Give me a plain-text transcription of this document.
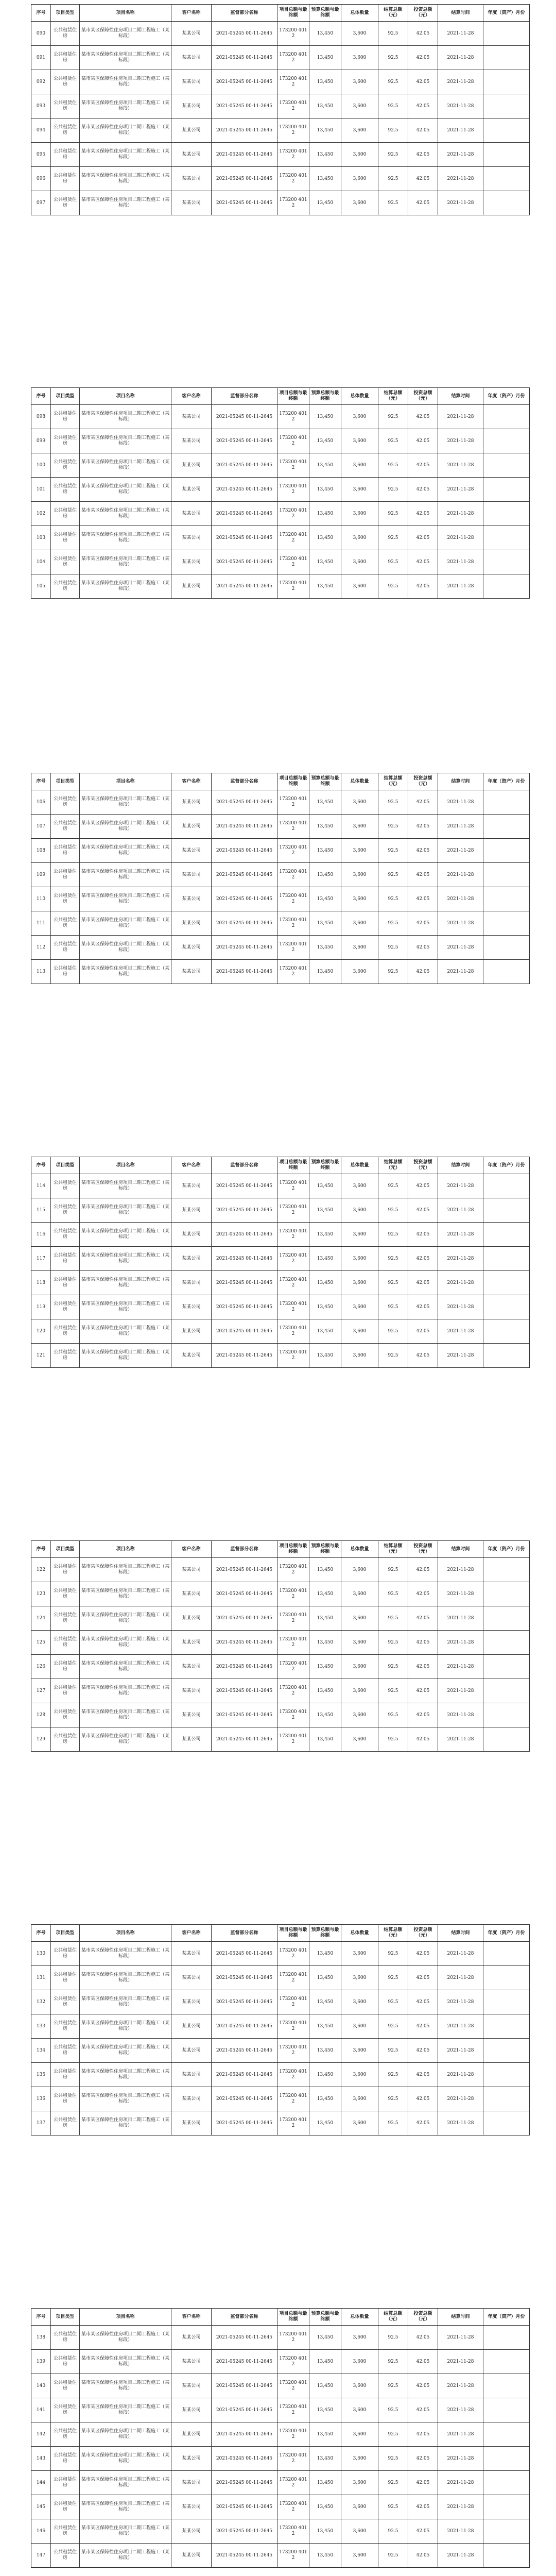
序号	项目类型	项目名称	客户名称	监督部分名称	项目总额与最终额	预算总额与最终额	总体数量	结算总额（元）	投资总额（元）	结算时间	年度（资产）月份
090	公共租赁住房	某市某区保障性住房项目二期工程施工（某标段）	某某公司	2021-05245 00-11-2645	173200 4012	13,450	3,600	92.5	42.05	2021-11-28	
091	公共租赁住房	某市某区保障性住房项目二期工程施工（某标段）	某某公司	2021-05245 00-11-2645	173200 4012	13,450	3,600	92.5	42.05	2021-11-28	
092	公共租赁住房	某市某区保障性住房项目二期工程施工（某标段）	某某公司	2021-05245 00-11-2645	173200 4012	13,450	3,600	92.5	42.05	2021-11-28	
093	公共租赁住房	某市某区保障性住房项目二期工程施工（某标段）	某某公司	2021-05245 00-11-2645	173200 4012	13,450	3,600	92.5	42.05	2021-11-28	
094	公共租赁住房	某市某区保障性住房项目二期工程施工（某标段）	某某公司	2021-05245 00-11-2645	173200 4012	13,450	3,600	92.5	42.05	2021-11-28	
095	公共租赁住房	某市某区保障性住房项目二期工程施工（某标段）	某某公司	2021-05245 00-11-2645	173200 4012	13,450	3,600	92.5	42.05	2021-11-28	
096	公共租赁住房	某市某区保障性住房项目二期工程施工（某标段）	某某公司	2021-05245 00-11-2645	173200 4012	13,450	3,600	92.5	42.05	2021-11-28	
097	公共租赁住房	某市某区保障性住房项目二期工程施工（某标段）	某某公司	2021-05245 00-11-2645	173200 4012	13,450	3,600	92.5	42.05	2021-11-28	
序号	项目类型	项目名称	客户名称	监督部分名称	项目总额与最终额	预算总额与最终额	总体数量	结算总额（元）	投资总额（元）	结算时间	年度（资产）月份
098	公共租赁住房	某市某区保障性住房项目二期工程施工（某标段）	某某公司	2021-05245 00-11-2645	173200 4012	13,450	3,600	92.5	42.05	2021-11-28	
099	公共租赁住房	某市某区保障性住房项目二期工程施工（某标段）	某某公司	2021-05245 00-11-2645	173200 4012	13,450	3,600	92.5	42.05	2021-11-28	
100	公共租赁住房	某市某区保障性住房项目二期工程施工（某标段）	某某公司	2021-05245 00-11-2645	173200 4012	13,450	3,600	92.5	42.05	2021-11-28	
101	公共租赁住房	某市某区保障性住房项目二期工程施工（某标段）	某某公司	2021-05245 00-11-2645	173200 4012	13,450	3,600	92.5	42.05	2021-11-28	
102	公共租赁住房	某市某区保障性住房项目二期工程施工（某标段）	某某公司	2021-05245 00-11-2645	173200 4012	13,450	3,600	92.5	42.05	2021-11-28	
103	公共租赁住房	某市某区保障性住房项目二期工程施工（某标段）	某某公司	2021-05245 00-11-2645	173200 4012	13,450	3,600	92.5	42.05	2021-11-28	
104	公共租赁住房	某市某区保障性住房项目二期工程施工（某标段）	某某公司	2021-05245 00-11-2645	173200 4012	13,450	3,600	92.5	42.05	2021-11-28	
105	公共租赁住房	某市某区保障性住房项目二期工程施工（某标段）	某某公司	2021-05245 00-11-2645	173200 4012	13,450	3,600	92.5	42.05	2021-11-28	
序号	项目类型	项目名称	客户名称	监督部分名称	项目总额与最终额	预算总额与最终额	总体数量	结算总额（元）	投资总额（元）	结算时间	年度（资产）月份
106	公共租赁住房	某市某区保障性住房项目二期工程施工（某标段）	某某公司	2021-05245 00-11-2645	173200 4012	13,450	3,600	92.5	42.05	2021-11-28	
107	公共租赁住房	某市某区保障性住房项目二期工程施工（某标段）	某某公司	2021-05245 00-11-2645	173200 4012	13,450	3,600	92.5	42.05	2021-11-28	
108	公共租赁住房	某市某区保障性住房项目二期工程施工（某标段）	某某公司	2021-05245 00-11-2645	173200 4012	13,450	3,600	92.5	42.05	2021-11-28	
109	公共租赁住房	某市某区保障性住房项目二期工程施工（某标段）	某某公司	2021-05245 00-11-2645	173200 4012	13,450	3,600	92.5	42.05	2021-11-28	
110	公共租赁住房	某市某区保障性住房项目二期工程施工（某标段）	某某公司	2021-05245 00-11-2645	173200 4012	13,450	3,600	92.5	42.05	2021-11-28	
111	公共租赁住房	某市某区保障性住房项目二期工程施工（某标段）	某某公司	2021-05245 00-11-2645	173200 4012	13,450	3,600	92.5	42.05	2021-11-28	
112	公共租赁住房	某市某区保障性住房项目二期工程施工（某标段）	某某公司	2021-05245 00-11-2645	173200 4012	13,450	3,600	92.5	42.05	2021-11-28	
113	公共租赁住房	某市某区保障性住房项目二期工程施工（某标段）	某某公司	2021-05245 00-11-2645	173200 4012	13,450	3,600	92.5	42.05	2021-11-28	
序号	项目类型	项目名称	客户名称	监督部分名称	项目总额与最终额	预算总额与最终额	总体数量	结算总额（元）	投资总额（元）	结算时间	年度（资产）月份
114	公共租赁住房	某市某区保障性住房项目二期工程施工（某标段）	某某公司	2021-05245 00-11-2645	173200 4012	13,450	3,600	92.5	42.05	2021-11-28	
115	公共租赁住房	某市某区保障性住房项目二期工程施工（某标段）	某某公司	2021-05245 00-11-2645	173200 4012	13,450	3,600	92.5	42.05	2021-11-28	
116	公共租赁住房	某市某区保障性住房项目二期工程施工（某标段）	某某公司	2021-05245 00-11-2645	173200 4012	13,450	3,600	92.5	42.05	2021-11-28	
117	公共租赁住房	某市某区保障性住房项目二期工程施工（某标段）	某某公司	2021-05245 00-11-2645	173200 4012	13,450	3,600	92.5	42.05	2021-11-28	
118	公共租赁住房	某市某区保障性住房项目二期工程施工（某标段）	某某公司	2021-05245 00-11-2645	173200 4012	13,450	3,600	92.5	42.05	2021-11-28	
119	公共租赁住房	某市某区保障性住房项目二期工程施工（某标段）	某某公司	2021-05245 00-11-2645	173200 4012	13,450	3,600	92.5	42.05	2021-11-28	
120	公共租赁住房	某市某区保障性住房项目二期工程施工（某标段）	某某公司	2021-05245 00-11-2645	173200 4012	13,450	3,600	92.5	42.05	2021-11-28	
121	公共租赁住房	某市某区保障性住房项目二期工程施工（某标段）	某某公司	2021-05245 00-11-2645	173200 4012	13,450	3,600	92.5	42.05	2021-11-28	
序号	项目类型	项目名称	客户名称	监督部分名称	项目总额与最终额	预算总额与最终额	总体数量	结算总额（元）	投资总额（元）	结算时间	年度（资产）月份
122	公共租赁住房	某市某区保障性住房项目二期工程施工（某标段）	某某公司	2021-05245 00-11-2645	173200 4012	13,450	3,600	92.5	42.05	2021-11-28	
123	公共租赁住房	某市某区保障性住房项目二期工程施工（某标段）	某某公司	2021-05245 00-11-2645	173200 4012	13,450	3,600	92.5	42.05	2021-11-28	
124	公共租赁住房	某市某区保障性住房项目二期工程施工（某标段）	某某公司	2021-05245 00-11-2645	173200 4012	13,450	3,600	92.5	42.05	2021-11-28	
125	公共租赁住房	某市某区保障性住房项目二期工程施工（某标段）	某某公司	2021-05245 00-11-2645	173200 4012	13,450	3,600	92.5	42.05	2021-11-28	
126	公共租赁住房	某市某区保障性住房项目二期工程施工（某标段）	某某公司	2021-05245 00-11-2645	173200 4012	13,450	3,600	92.5	42.05	2021-11-28	
127	公共租赁住房	某市某区保障性住房项目二期工程施工（某标段）	某某公司	2021-05245 00-11-2645	173200 4012	13,450	3,600	92.5	42.05	2021-11-28	
128	公共租赁住房	某市某区保障性住房项目二期工程施工（某标段）	某某公司	2021-05245 00-11-2645	173200 4012	13,450	3,600	92.5	42.05	2021-11-28	
129	公共租赁住房	某市某区保障性住房项目二期工程施工（某标段）	某某公司	2021-05245 00-11-2645	173200 4012	13,450	3,600	92.5	42.05	2021-11-28	
序号	项目类型	项目名称	客户名称	监督部分名称	项目总额与最终额	预算总额与最终额	总体数量	结算总额（元）	投资总额（元）	结算时间	年度（资产）月份
130	公共租赁住房	某市某区保障性住房项目二期工程施工（某标段）	某某公司	2021-05245 00-11-2645	173200 4012	13,450	3,600	92.5	42.05	2021-11-28	
131	公共租赁住房	某市某区保障性住房项目二期工程施工（某标段）	某某公司	2021-05245 00-11-2645	173200 4012	13,450	3,600	92.5	42.05	2021-11-28	
132	公共租赁住房	某市某区保障性住房项目二期工程施工（某标段）	某某公司	2021-05245 00-11-2645	173200 4012	13,450	3,600	92.5	42.05	2021-11-28	
133	公共租赁住房	某市某区保障性住房项目二期工程施工（某标段）	某某公司	2021-05245 00-11-2645	173200 4012	13,450	3,600	92.5	42.05	2021-11-28	
134	公共租赁住房	某市某区保障性住房项目二期工程施工（某标段）	某某公司	2021-05245 00-11-2645	173200 4012	13,450	3,600	92.5	42.05	2021-11-28	
135	公共租赁住房	某市某区保障性住房项目二期工程施工（某标段）	某某公司	2021-05245 00-11-2645	173200 4012	13,450	3,600	92.5	42.05	2021-11-28	
136	公共租赁住房	某市某区保障性住房项目二期工程施工（某标段）	某某公司	2021-05245 00-11-2645	173200 4012	13,450	3,600	92.5	42.05	2021-11-28	
137	公共租赁住房	某市某区保障性住房项目二期工程施工（某标段）	某某公司	2021-05245 00-11-2645	173200 4012	13,450	3,600	92.5	42.05	2021-11-28	
序号	项目类型	项目名称	客户名称	监督部分名称	项目总额与最终额	预算总额与最终额	总体数量	结算总额（元）	投资总额（元）	结算时间	年度（资产）月份
138	公共租赁住房	某市某区保障性住房项目二期工程施工（某标段）	某某公司	2021-05245 00-11-2645	173200 4012	13,450	3,600	92.5	42.05	2021-11-28	
139	公共租赁住房	某市某区保障性住房项目二期工程施工（某标段）	某某公司	2021-05245 00-11-2645	173200 4012	13,450	3,600	92.5	42.05	2021-11-28	
140	公共租赁住房	某市某区保障性住房项目二期工程施工（某标段）	某某公司	2021-05245 00-11-2645	173200 4012	13,450	3,600	92.5	42.05	2021-11-28	
141	公共租赁住房	某市某区保障性住房项目二期工程施工（某标段）	某某公司	2021-05245 00-11-2645	173200 4012	13,450	3,600	92.5	42.05	2021-11-28	
142	公共租赁住房	某市某区保障性住房项目二期工程施工（某标段）	某某公司	2021-05245 00-11-2645	173200 4012	13,450	3,600	92.5	42.05	2021-11-28	
143	公共租赁住房	某市某区保障性住房项目二期工程施工（某标段）	某某公司	2021-05245 00-11-2645	173200 4012	13,450	3,600	92.5	42.05	2021-11-28	
144	公共租赁住房	某市某区保障性住房项目二期工程施工（某标段）	某某公司	2021-05245 00-11-2645	173200 4012	13,450	3,600	92.5	42.05	2021-11-28	
145	公共租赁住房	某市某区保障性住房项目二期工程施工（某标段）	某某公司	2021-05245 00-11-2645	173200 4012	13,450	3,600	92.5	42.05	2021-11-28	
146	公共租赁住房	某市某区保障性住房项目二期工程施工（某标段）	某某公司	2021-05245 00-11-2645	173200 4012	13,450	3,600	92.5	42.05	2021-11-28	
147	公共租赁住房	某市某区保障性住房项目二期工程施工（某标段）	某某公司	2021-05245 00-11-2645	173200 4012	13,450	3,600	92.5	42.05	2021-11-28	
